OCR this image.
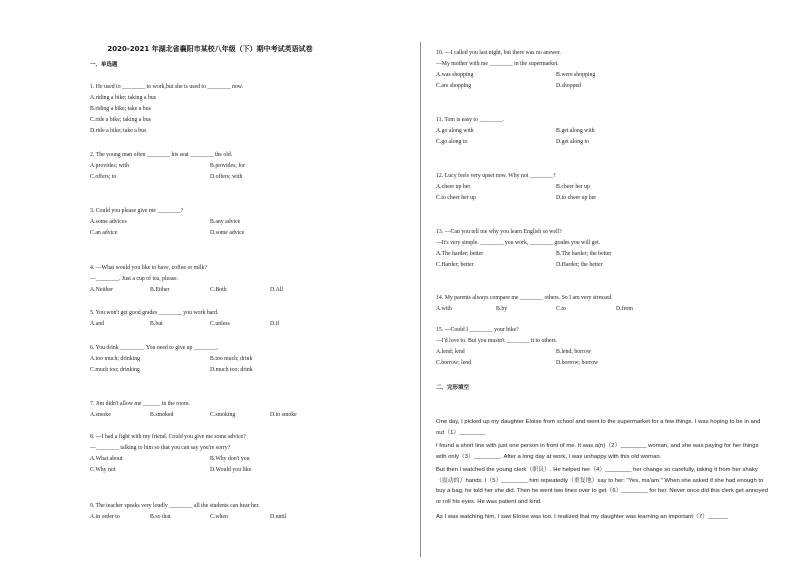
2020-2021 年湖北省襄阳市某校八年级（下）期中考试英语试卷
一、单选题
二、完形填空
1. He used to ________ to work,but she is used to ________ now.
A.riding a bike; taking a bus
B.riding a bike; take a bus
C.ride a bike; taking a bus
D.ride a bike; take a bus
2. The young man often ________ his seat ________ the old.
A.provides; with	B.provides; for
C.offers; to	D.offers; with
3. Could you please give me ________?
A.some advices	B.any advice
C.an advice	D.some advice
4. —What would you like to have, coffee or milk?
—________. Just a cup of tea, please.
A.Neither	B.Either	C.Both	D.All
5. You won't get good grades ________ you work hard.
A.and	B.but	C.unless	D.if
6. You drink ________. You need to give up ________.
A.too much; drinking	B.too much; drink
C.much too; drinking	D.much too; drink
7. Jim didn't allow me ______ in the room.
A.smoke	B.smoked	C.smoking	D.to smoke
8. —I had a fight with my friend. Could you give me some advice?
—________ talking to him so that you can say you're sorry?
A.What about	B.Why don't you
C.Why not	D.Would you like
9. The teacher speaks very loudly ________ all the students can hear her.
A.in order to	B.so that	C.when	D.until
10. —I called you last night, but there was no answer.
—My mother with me ________ in the supermarket.
A.was shopping	B.were shopping
C.are shopping	D.shopped
11. Tom is easy to ________.
A.go along with	B.get along with
C.go along to	D.get along to
12. Lucy feels very upset now. Why not ________?
A.cheer up her	B.cheer her up
C.to cheer her up	D.to cheer up her
13. —Can you tell me why you learn English so well?
—It's very simple. ________ you work, ________ grades you will get.
A.The harder; better	B.The harder; the better
C.Harder; better	D.Harder; the better
14. My parents always compare me ________ others. So I am very stressed.
A.with	B.by	C.to	D.from
15. —Could I ________ your bike?
—I'd love to. But you mustn't ________ it to others.
A.lend; lend	B.lend; borrow
C.borrow; lend	D.borrow; borrow
One day, I picked up my daughter Eloise from school and went to the supermarket for a few things. I was hoping to be in and out（1）________
I found a short line with just one person in front of me. It was a(n)（2）________ woman, and she was paying for her things with only（3）________. After a long day at work, I was unhappy with this old woman.
But then I watched the young clerk（职员）. He helped her（4）________ her change so carefully, taking it from her shaky（震动的）hands. I（5）________ him repeatedly（重复地）say to her: "Yes, ma'am." When she asked if she had enough to buy a bag, he told her she did. Then he went two lines over to get（6）________ for her. Never once did this clerk get annoyed or roll his eyes. He was patient and kind.
As I was watching him, I saw Eloise was too. I realized that my daughter was learning an important（7）______
